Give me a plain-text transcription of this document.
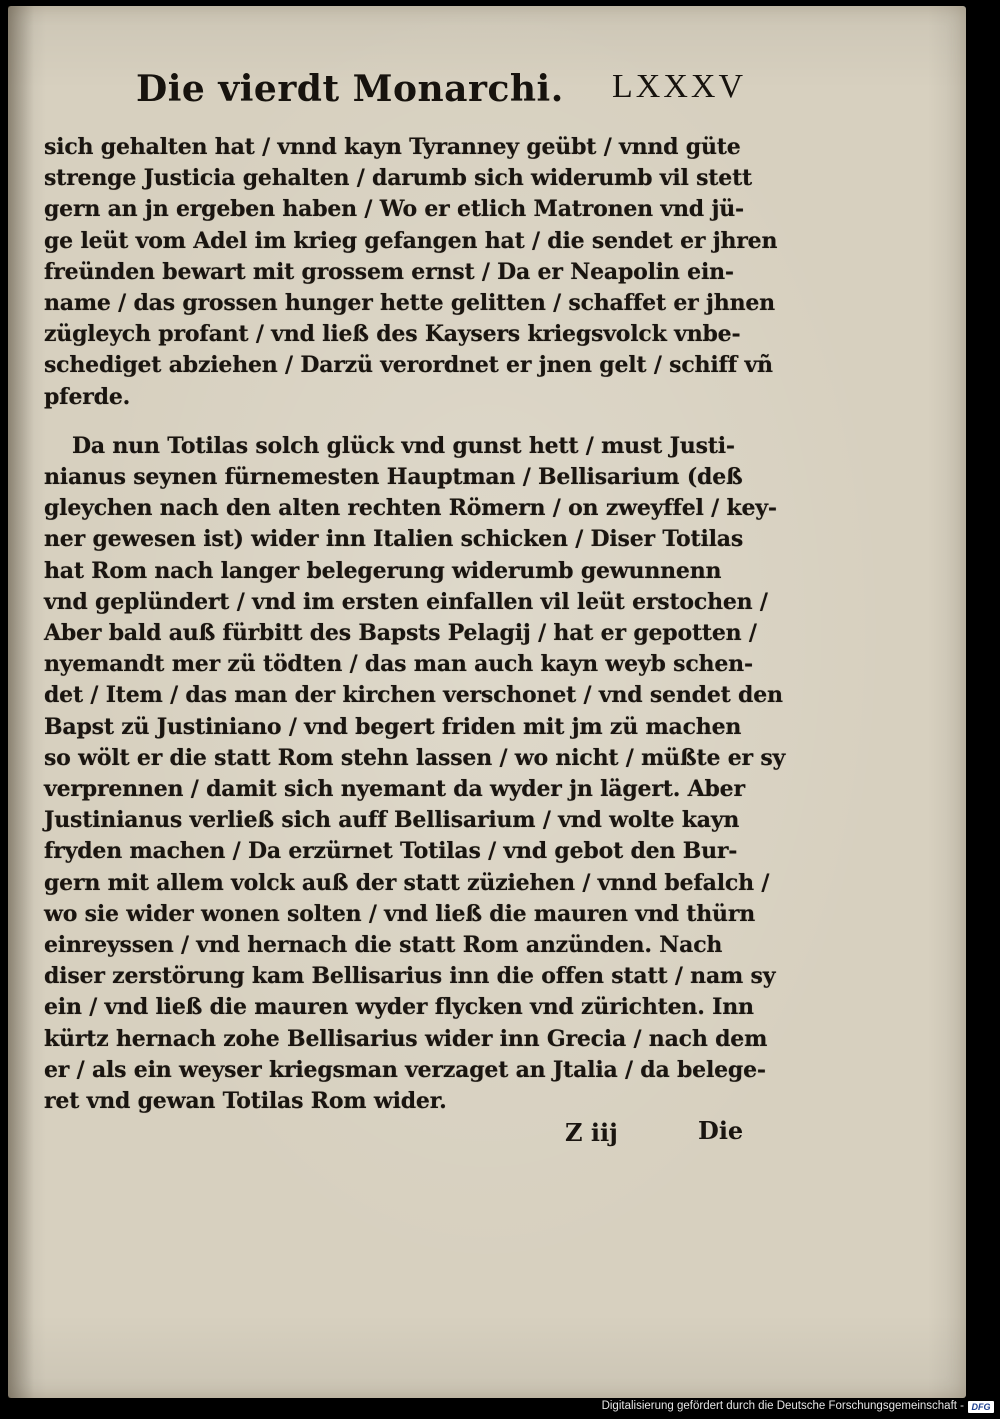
Die vierdt Monarchi. LXXXV
sich gehalten hat / vnnd kayn Tyranney geübt / vnnd güte
strenge Justicia gehalten / darumb sich widerumb vil stett
gern an jn ergeben haben / Wo er etlich Matronen vnd jü-
ge leüt vom Adel im krieg gefangen hat / die sendet er jhren
freünden bewart mit grossem ernst / Da er Neapolin ein-
name / das grossen hunger hette gelitten / schaffet er jhnen
zügleych profant / vnd ließ des Kaysers kriegsvolck vnbe-
schediget abziehen / Darzü verordnet er jnen gelt / schiff vñ
pferde.
Da nun Totilas solch glück vnd gunst hett / must Justi-
nianus seynen fürnemesten Hauptman / Bellisarium (deß
gleychen nach den alten rechten Römern / on zweyffel / key-
ner gewesen ist) wider inn Italien schicken / Diser Totilas
hat Rom nach langer belegerung widerumb gewunnenn
vnd geplündert / vnd im ersten einfallen vil leüt erstochen /
Aber bald auß fürbitt des Bapsts Pelagij / hat er gepotten /
nyemandt mer zü tödten / das man auch kayn weyb schen-
det / Item / das man der kirchen verschonet / vnd sendet den
Bapst zü Justiniano / vnd begert friden mit jm zü machen
so wölt er die statt Rom stehn lassen / wo nicht / müßte er sy
verprennen / damit sich nyemant da wyder jn lägert. Aber
Justinianus verließ sich auff Bellisarium / vnd wolte kayn
fryden machen / Da erzürnet Totilas / vnd gebot den Bur-
gern mit allem volck auß der statt züziehen / vnnd befalch /
wo sie wider wonen solten / vnd ließ die mauren vnd thürn
einreyssen / vnd hernach die statt Rom anzünden. Nach
diser zerstörung kam Bellisarius inn die offen statt / nam sy
ein / vnd ließ die mauren wyder flycken vnd zürichten. Inn
kürtz hernach zohe Bellisarius wider inn Grecia / nach dem
er / als ein weyser kriegsman verzaget an Jtalia / da belege-
ret vnd gewan Totilas Rom wider.
Z iij	Die
Digitalisierung gefördert durch die Deutsche Forschungsgemeinschaft - DFG
